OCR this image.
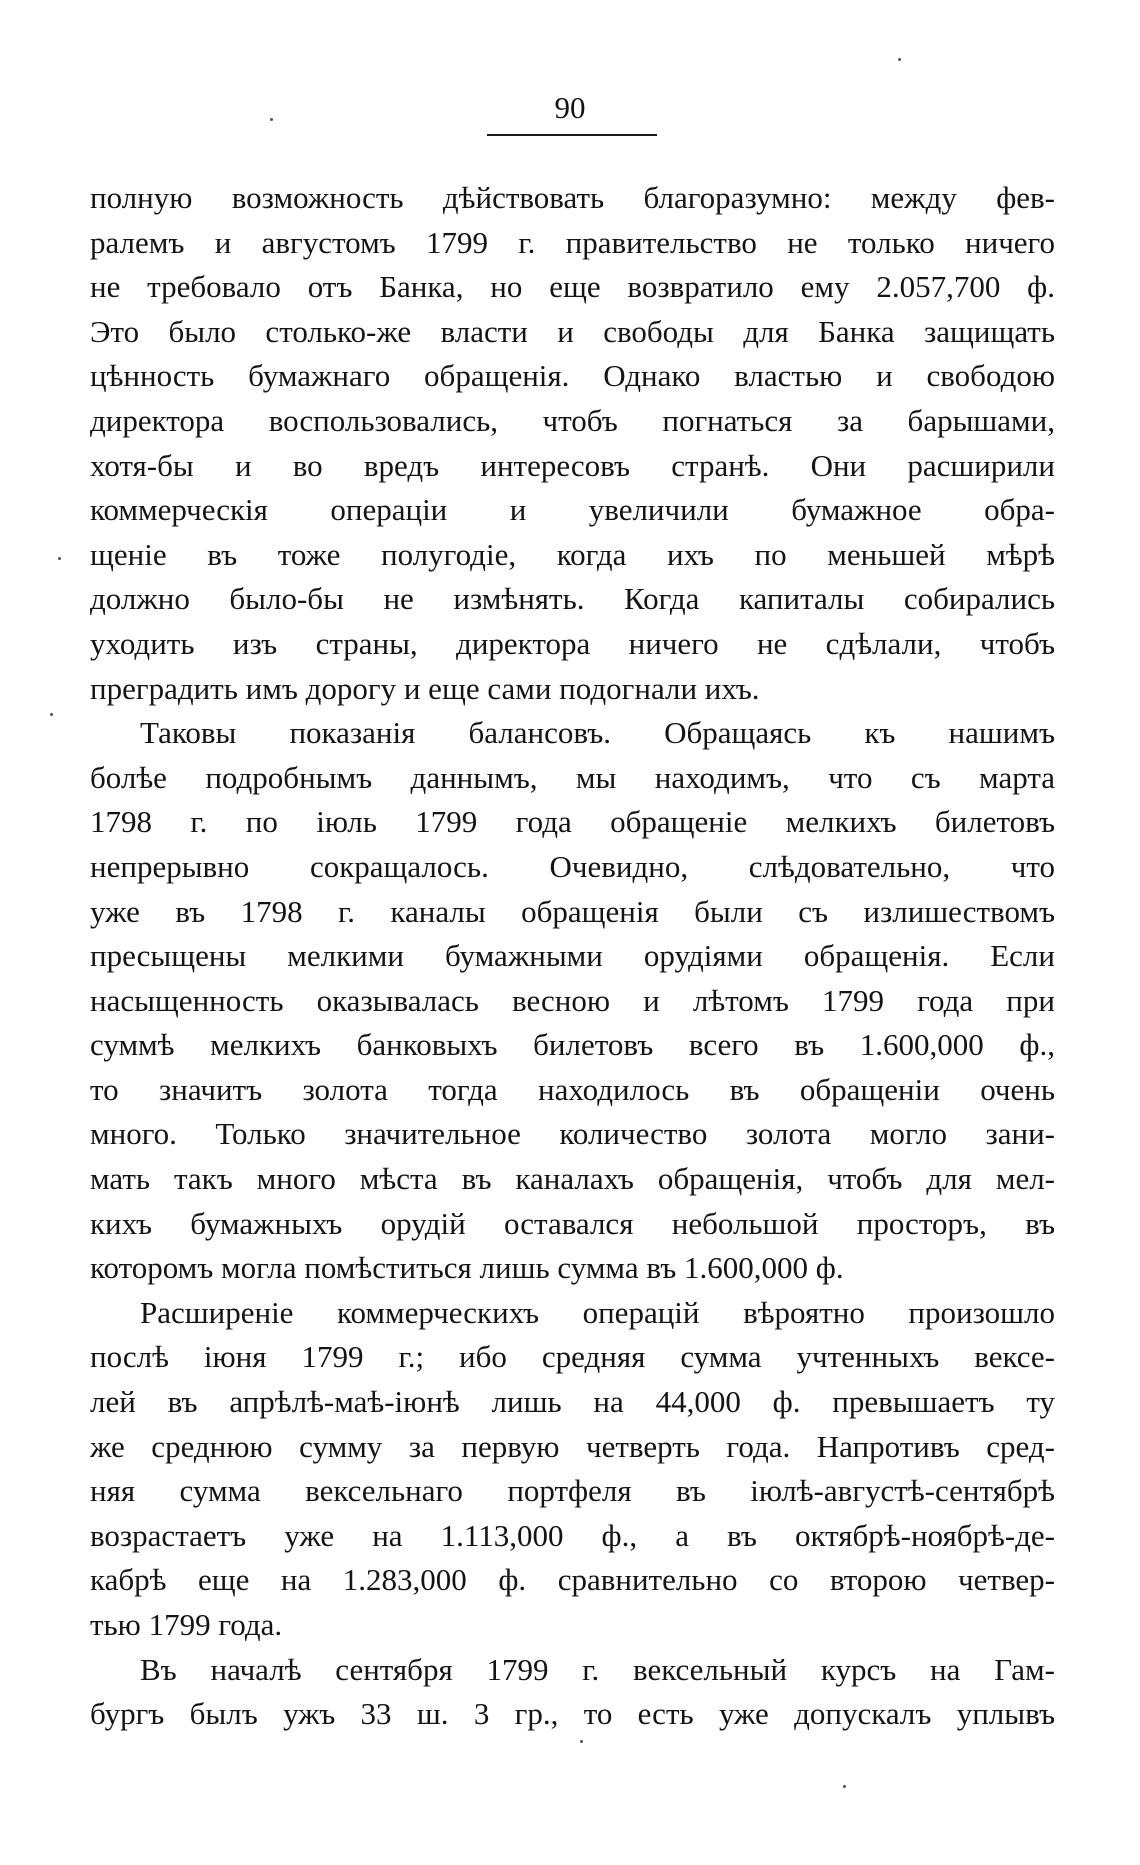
90
полную возможность дѣйствовать благоразумно: между фев-
ралемъ и августомъ 1799 г. правительство не только ничего
не требовало отъ Банка, но еще возвратило ему 2.057,700 ф.
Это было столько-же власти и свободы для Банка защищать
цѣнность бумажнаго обращенія. Однако властью и свободою
директора воспользовались, чтобъ погнаться за барышами,
хотя-бы и во вредъ интересовъ странѣ. Они расширили
коммерческія операціи и увеличили бумажное обра-
щеніе въ тоже полугодіе, когда ихъ по меньшей мѣрѣ
должно было-бы не измѣнять. Когда капиталы собирались
уходить изъ страны, директора ничего не сдѣлали, чтобъ
преградить имъ дорогу и еще сами подогнали ихъ.
Таковы показанія балансовъ. Обращаясь къ нашимъ
болѣе подробнымъ даннымъ, мы находимъ, что съ марта
1798 г. по іюль 1799 года обращеніе мелкихъ билетовъ
непрерывно сокращалось. Очевидно, слѣдовательно, что
уже въ 1798 г. каналы обращенія были съ излишествомъ
пресыщены мелкими бумажными орудіями обращенія. Если
насыщенность оказывалась весною и лѣтомъ 1799 года при
суммѣ мелкихъ банковыхъ билетовъ всего въ 1.600,000 ф.,
то значитъ золота тогда находилось въ обращеніи очень
много. Только значительное количество золота могло зани-
мать такъ много мѣста въ каналахъ обращенія, чтобъ для мел-
кихъ бумажныхъ орудій оставался небольшой просторъ, въ
которомъ могла помѣститься лишь сумма въ 1.600,000 ф.
Расширеніе коммерческихъ операцій вѣроятно произошло
послѣ іюня 1799 г.; ибо средняя сумма учтенныхъ вексе-
лей въ апрѣлѣ-маѣ-іюнѣ лишь на 44,000 ф. превышаетъ ту
же среднюю сумму за первую четверть года. Напротивъ сред-
няя сумма вексельнаго портфеля въ іюлѣ-августѣ-сентябрѣ
возрастаетъ уже на 1.113,000 ф., а въ октябрѣ-ноябрѣ-де-
кабрѣ еще на 1.283,000 ф. сравнительно со второю четвер-
тью 1799 года.
Въ началѣ сентября 1799 г. вексельный курсъ на Гам-
бургъ былъ ужъ 33 ш. 3 гр., то есть уже допускалъ уплывъ
